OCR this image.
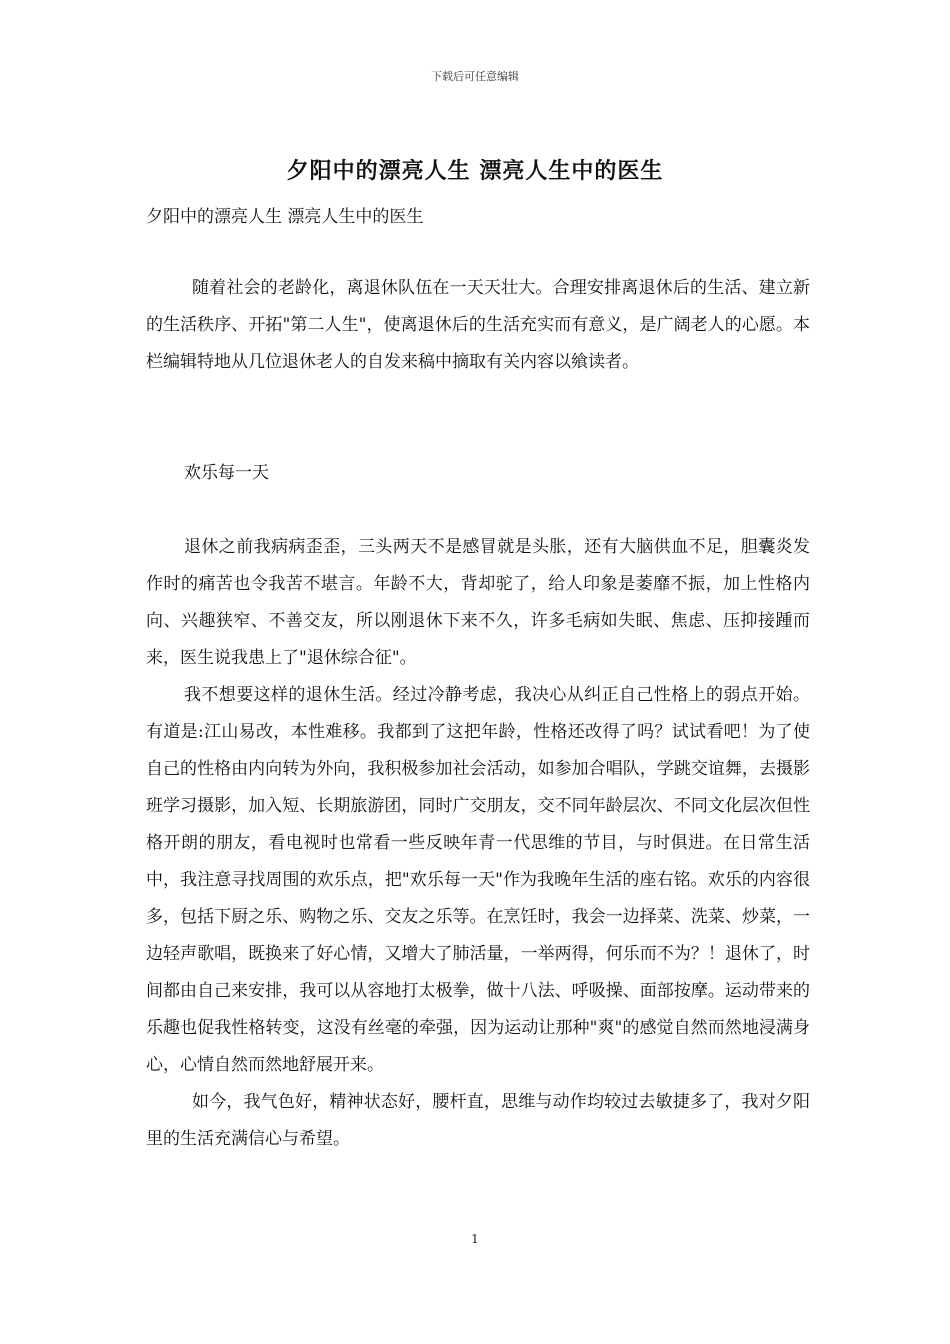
下载后可任意编辑
夕阳中的漂亮人生 漂亮人生中的医生
夕阳中的漂亮人生 漂亮人生中的医生

随着社会的老龄化，离退休队伍在一天天壮大。合理安排离退休后的生活、建立新的生活秩序、开拓"第二人生"，使离退休后的生活充实而有意义，是广阔老人的心愿。本栏编辑特地从几位退休老人的自发来稿中摘取有关内容以飨读者。

欢乐每一天

退休之前我病病歪歪，三头两天不是感冒就是头胀，还有大脑供血不足，胆囊炎发作时的痛苦也令我苦不堪言。年龄不大，背却驼了，给人印象是萎靡不振，加上性格内向、兴趣狭窄、不善交友，所以刚退休下来不久，许多毛病如失眠、焦虑、压抑接踵而来，医生说我患上了"退休综合征"。

我不想要这样的退休生活。经过冷静考虑，我决心从纠正自己性格上的弱点开始。有道是:江山易改，本性难移。我都到了这把年龄，性格还改得了吗？试试看吧！为了使自己的性格由内向转为外向，我积极参加社会活动，如参加合唱队，学跳交谊舞，去摄影班学习摄影，加入短、长期旅游团，同时广交朋友，交不同年龄层次、不同文化层次但性格开朗的朋友，看电视时也常看一些反映年青一代思维的节目，与时俱进。在日常生活中，我注意寻找周围的欢乐点，把"欢乐每一天"作为我晚年生活的座右铭。欢乐的内容很多，包括下厨之乐、购物之乐、交友之乐等。在烹饪时，我会一边择菜、洗菜、炒菜，一边轻声歌唱，既换来了好心情，又增大了肺活量，一举两得，何乐而不为？！退休了，时间都由自己来安排，我可以从容地打太极拳，做十八法、呼吸操、面部按摩。运动带来的乐趣也促我性格转变，这没有丝毫的牵强，因为运动让那种"爽"的感觉自然而然地浸满身心，心情自然而然地舒展开来。

如今，我气色好，精神状态好，腰杆直，思维与动作均较过去敏捷多了，我对夕阳里的生活充满信心与希望。

1
